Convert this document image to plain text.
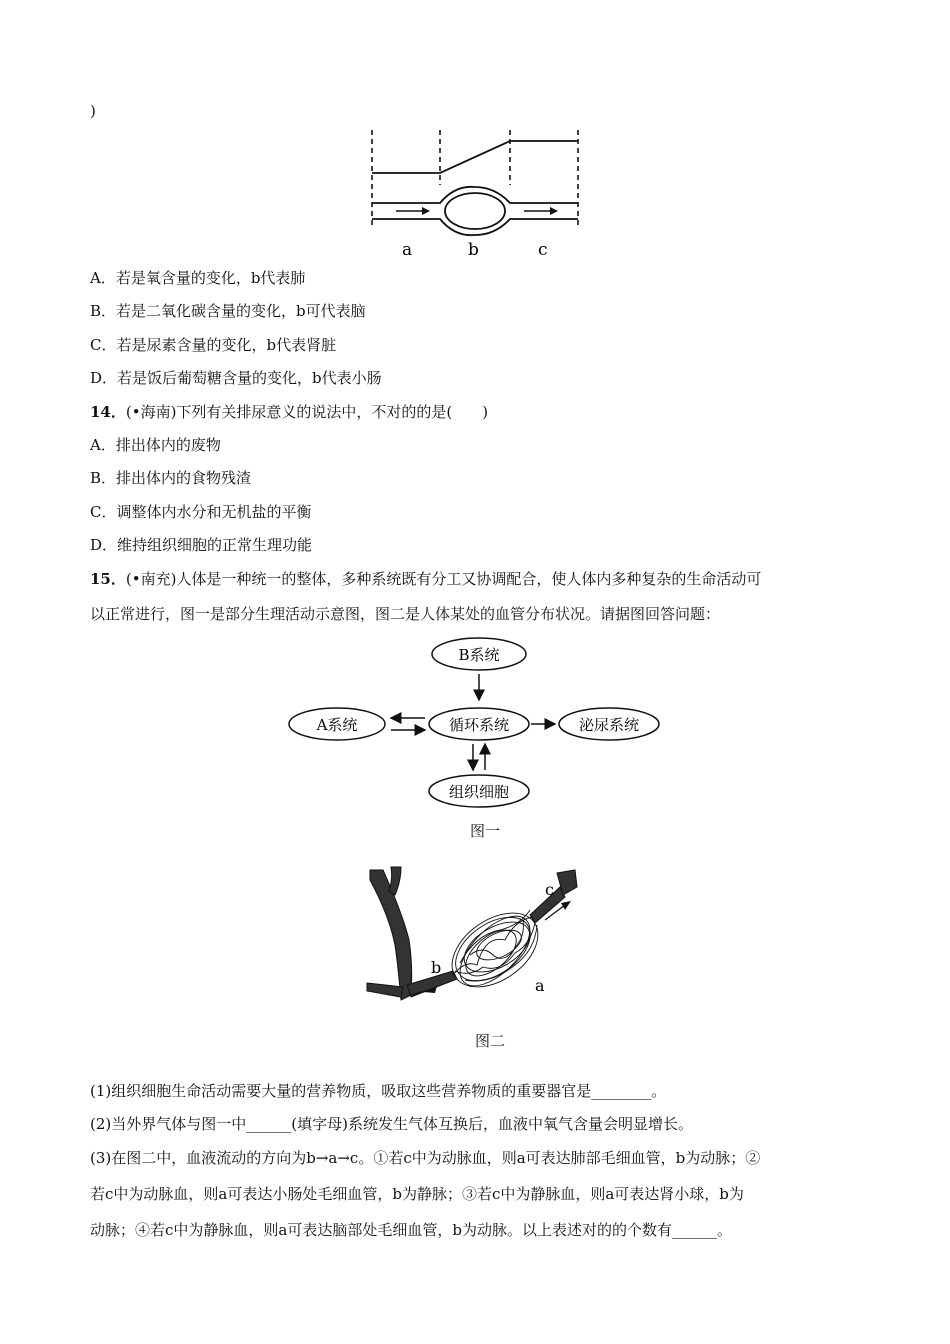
)
a	b	c
A．若是氧含量的变化，b代表肺
B．若是二氧化碳含量的变化，b可代表脑
C．若是尿素含量的变化，b代表肾脏
D．若是饭后葡萄糖含量的变化，b代表小肠
14．(•海南)下列有关排尿意义的说法中，不对的的是(　　)
A．排出体内的废物
B．排出体内的食物残渣
C．调整体内水分和无机盐的平衡
D．维持组织细胞的正常生理功能
15．(•南充)人体是一种统一的整体，多种系统既有分工又协调配合，使人体内多种复杂的生命活动可
以正常进行，图一是部分生理活动示意图，图二是人体某处的血管分布状况。请据图回答问题：
B系统
A系统	循环系统	泌尿系统
组织细胞
图一
b
a
c
图二
(1)组织细胞生命活动需要大量的营养物质，吸取这些营养物质的重要器官是________。
(2)当外界气体与图一中______(填字母)系统发生气体互换后，血液中氧气含量会明显增长。
(3)在图二中，血液流动的方向为b→a→c。①若c中为动脉血，则a可表达肺部毛细血管，b为动脉；②
若c中为动脉血，则a可表达小肠处毛细血管，b为静脉；③若c中为静脉血，则a可表达肾小球，b为
动脉；④若c中为静脉血，则a可表达脑部处毛细血管，b为动脉。以上表述对的的个数有______。
